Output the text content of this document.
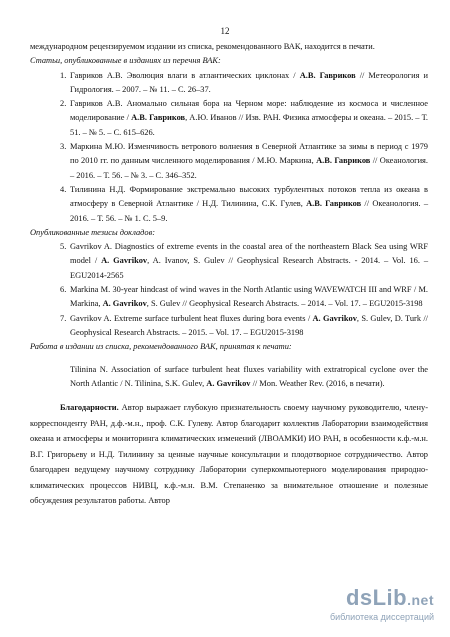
12

международном рецензируемом издании из списка, рекомендованного ВАК, находится в печати.

Статьи, опубликованные в изданиях из перечня ВАК:

1. Гавриков А.В. Эволюция влаги в атлантических циклонах / А.В. Гавриков // Метеорология и Гидрология. – 2007. – № 11. – С. 26–37.
2. Гавриков А.В. Аномально сильная бора на Черном море: наблюдение из космоса и численное моделирование / А.В. Гавриков, А.Ю. Иванов // Изв. РАН. Физика атмосферы и океана. – 2015. – Т. 51. – № 5. – С. 615–626.
3. Маркина М.Ю. Изменчивость ветрового волнения в Северной Атлантике за зимы в период с 1979 по 2010 гг. по данным численного моделирования / М.Ю. Маркина, А.В. Гавриков // Океанология. – 2016. – Т. 56. – № 3. – С. 346–352.
4. Тилинина Н.Д. Формирование экстремально высоких турбулентных потоков тепла из океана в атмосферу в Северной Атлантике / Н.Д. Тилинина, С.К. Гулев, А.В. Гавриков // Океанология. – 2016. – Т. 56. – № 1. С. 5–9.

Опубликованные тезисы докладов:

5. Gavrikov A. Diagnostics of extreme events in the coastal area of the northeastern Black Sea using WRF model / A. Gavrikov, A. Ivanov, S. Gulev // Geophysical Research Abstracts. - 2014. – Vol. 16. – EGU2014-2565
6. Markina M. 30-year hindcast of wind waves in the North Atlantic using WAVEWATCH III and WRF / M. Markina, A. Gavrikov, S. Gulev // Geophysical Research Abstracts. – 2014. – Vol. 17. – EGU2015-3198
7. Gavrikov A. Extreme surface turbulent heat fluxes during bora events / A. Gavrikov, S. Gulev, D. Turk // Geophysical Research Abstracts. – 2015. – Vol. 17. – EGU2015-3198

Работа в издании из списка, рекомендованного ВАК, принятая к печати:

Tilinina N. Association of surface turbulent heat fluxes variability with extratropical cyclone over the North Atlantic / N. Tilinina, S.K. Gulev, A. Gavrikov // Mon. Weather Rev. (2016, в печати).

Благодарности. Автор выражает глубокую признательность своему научному руководителю, члену-корреспонденту РАН, д.ф.-м.н., проф. С.К. Гулеву. Автор благодарит коллектив Лаборатории взаимодействия океана и атмосферы и мониторинга климатических изменений (ЛВОАМКИ) ИО РАН, в особенности к.ф.-м.н. В.Г. Григорьеву и Н.Д. Тилинину за ценные научные консультации и плодотворное сотрудничество. Автор благодарен ведущему научному сотруднику Лаборатории суперкомпьютерного моделирования природно-климатических процессов НИВЦ, к.ф.-м.н. В.М. Степаненко за внимательное отношение и полезные обсуждения результатов работы. Автор

dsLib.net
библиотека диссертаций
